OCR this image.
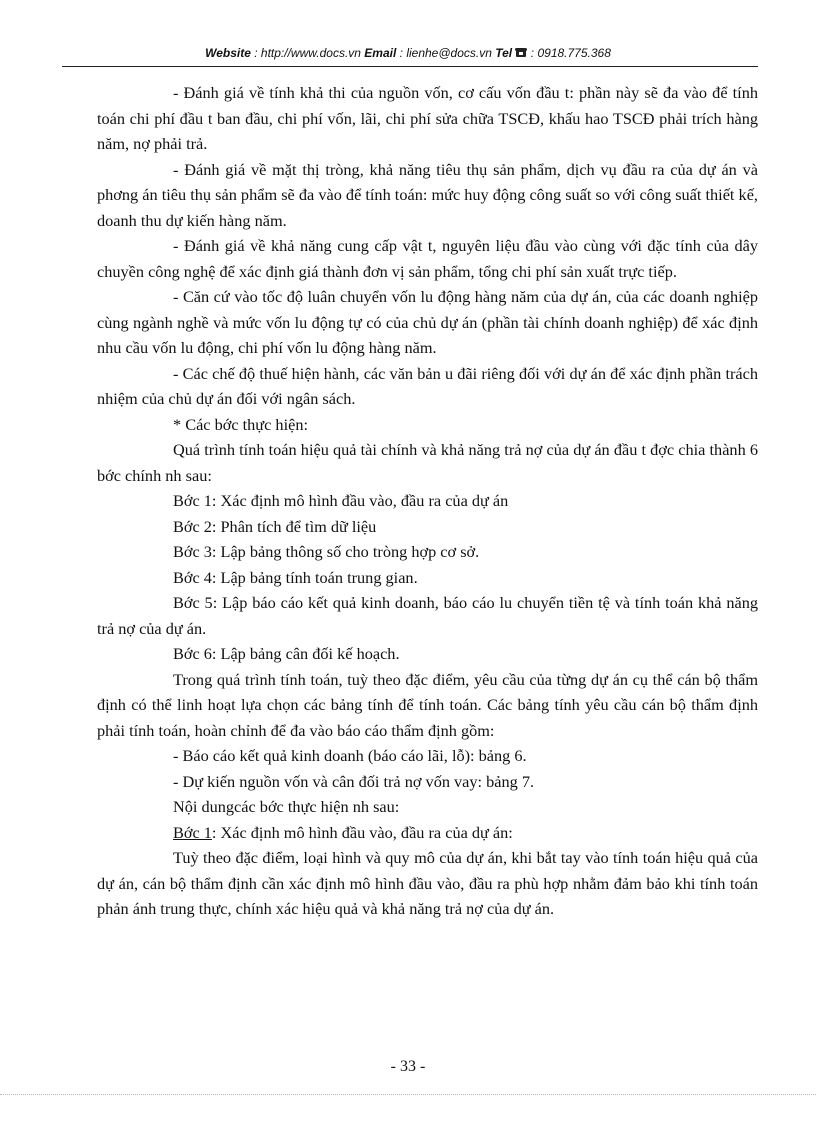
Website : http://www.docs.vn Email : lienhe@docs.vn Tel  : 0918.775.368

- Đánh giá về tính khả thi của nguồn vốn, cơ cấu vốn đầu t: phần này sẽ đa vào để tính toán chi phí đầu t ban đầu, chi phí vốn, lãi, chi phí sửa chữa TSCĐ, khấu hao TSCĐ phải trích hàng năm, nợ phải trả.

- Đánh giá về mặt thị tròng, khả năng tiêu thụ sản phẩm, dịch vụ đầu ra của dự án và phơng án tiêu thụ sản phẩm sẽ đa vào để tính toán: mức huy động công suất so với công suất thiết kế, doanh thu dự kiến hàng năm.

- Đánh giá về khả năng cung cấp vật t, nguyên liệu đầu vào cùng với đặc tính của dây chuyền công nghệ để xác định giá thành đơn vị sản phẩm, tổng chi phí sản xuất trực tiếp.

- Căn cứ vào tốc độ luân chuyển vốn lu động hàng năm của dự án, của các doanh nghiệp cùng ngành nghề và mức vốn lu động tự có của chủ dự án (phần tài chính doanh nghiệp) để xác định nhu cầu vốn lu động, chi phí vốn lu động hàng năm.

- Các chế độ thuế hiện hành, các văn bản u đãi riêng đối với dự án để xác định phần trách nhiệm của chủ dự án đối với ngân sách.

* Các bớc thực hiện:

Quá trình tính toán hiệu quả tài chính và khả năng trả nợ của dự án đầu t đợc chia thành 6 bớc chính nh sau:

Bớc 1: Xác định mô hình đầu vào, đầu ra của dự án

Bớc 2: Phân tích để tìm dữ liệu

Bớc 3: Lập bảng thông số cho tròng hợp cơ sở.

Bớc 4: Lập bảng tính toán trung gian.

Bớc 5: Lập báo cáo kết quả kinh doanh, báo cáo lu chuyển tiền tệ và tính toán khả năng trả nợ của dự án.

Bớc 6: Lập bảng cân đối kế hoạch.

Trong quá trình tính toán, tuỳ theo đặc điểm, yêu cầu của từng dự án cụ thể cán bộ thẩm định có thể linh hoạt lựa chọn các bảng tính để tính toán. Các bảng tính yêu cầu cán bộ thẩm định phải tính toán, hoàn chỉnh để đa vào báo cáo thẩm định gồm:

- Báo cáo kết quả kinh doanh (báo cáo lãi, lỗ): bảng 6.

- Dự kiến nguồn vốn và cân đối trả nợ vốn vay: bảng 7.

Nội dungcác bớc thực hiện nh sau:

Bớc 1: Xác định mô hình đầu vào, đầu ra của dự án:

Tuỳ theo đặc điểm, loại hình và quy mô của dự án, khi bắt tay vào tính toán hiệu quả của dự án, cán bộ thẩm định cần xác định mô hình đầu vào, đầu ra phù hợp nhằm đảm bảo khi tính toán phản ánh trung thực, chính xác hiệu quả và khả năng trả nợ của dự án.

- 33 -
